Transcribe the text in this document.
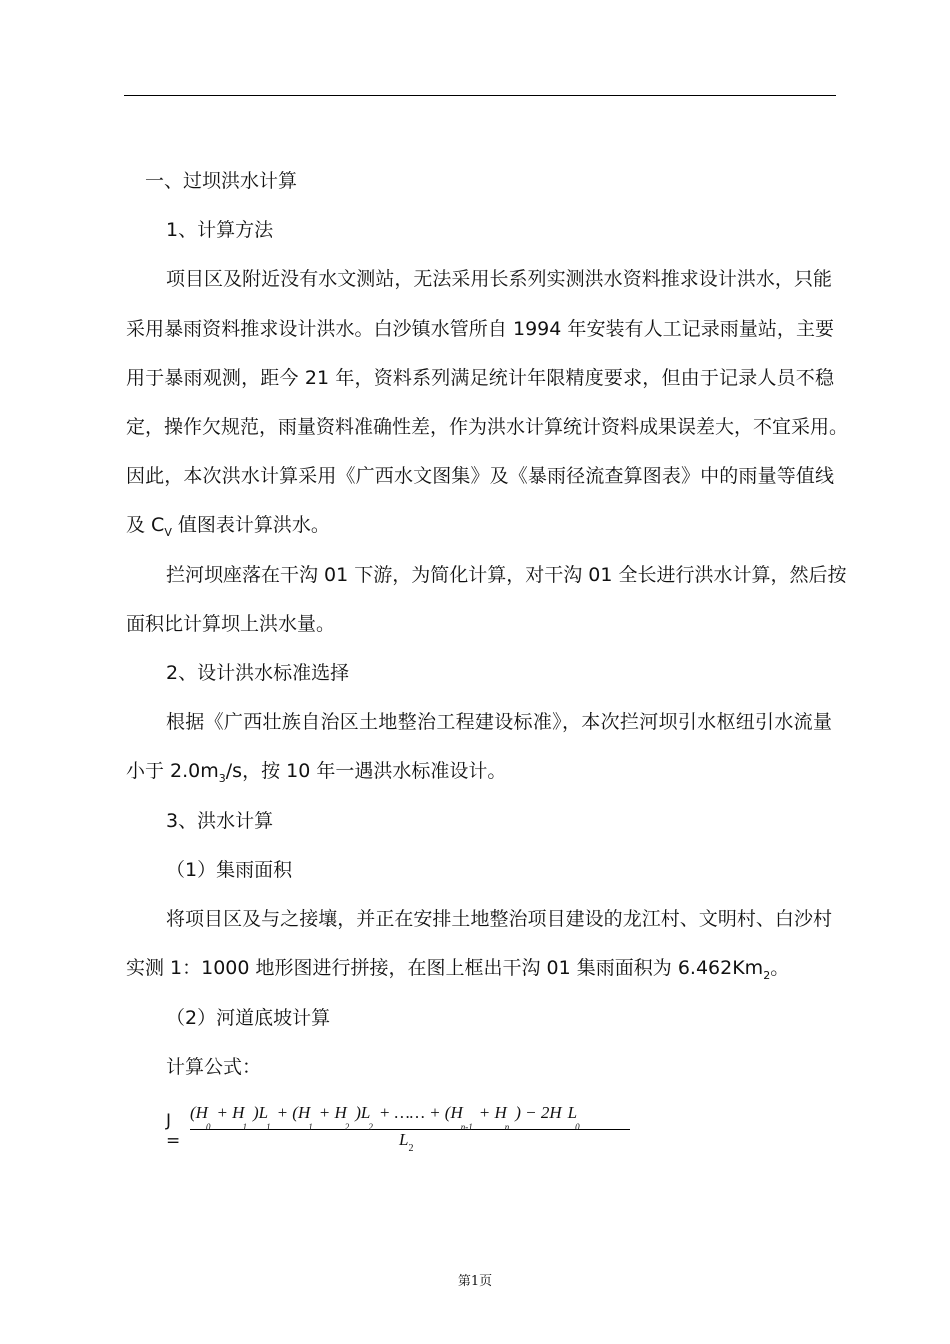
一、过坝洪水计算
1、计算方法
项目区及附近没有水文测站，无法采用长系列实测洪水资料推求设计洪水，只能
采用暴雨资料推求设计洪水。白沙镇水管所自 1994 年安装有人工记录雨量站，主要
用于暴雨观测，距今 21 年，资料系列满足统计年限精度要求，但由于记录人员不稳
定，操作欠规范，雨量资料准确性差，作为洪水计算统计资料成果误差大，不宜采用。
因此，本次洪水计算采用《广西水文图集》及《暴雨径流查算图表》中的雨量等值线
及 $C_V$ 值图表计算洪水。
拦河坝座落在干沟 01 下游，为简化计算，对干沟 01 全长进行洪水计算，然后按
面积比计算坝上洪水量。
2、设计洪水标准选择
根据《广西壮族自治区土地整治工程建设标准》，本次拦河坝引水枢纽引水流量
小于 $2.0m_3/s$，按 10 年一遇洪水标准设计。
3、洪水计算
（1）集雨面积
将项目区及与之接壤，并正在安排土地整治项目建设的龙江村、文明村、白沙村
实测 1：1000 地形图进行拼接，在图上框出干沟 01 集雨面积为 $6.462Km_2$。
（2）河道底坡计算
计算公式：
J =
$(H_0+ H_1)L_1+ (H_1+ H_2)L_2+$ …… + $(H_{n-1}+ H_n) - 2H$ $L_0$
$L_2$
第1页
